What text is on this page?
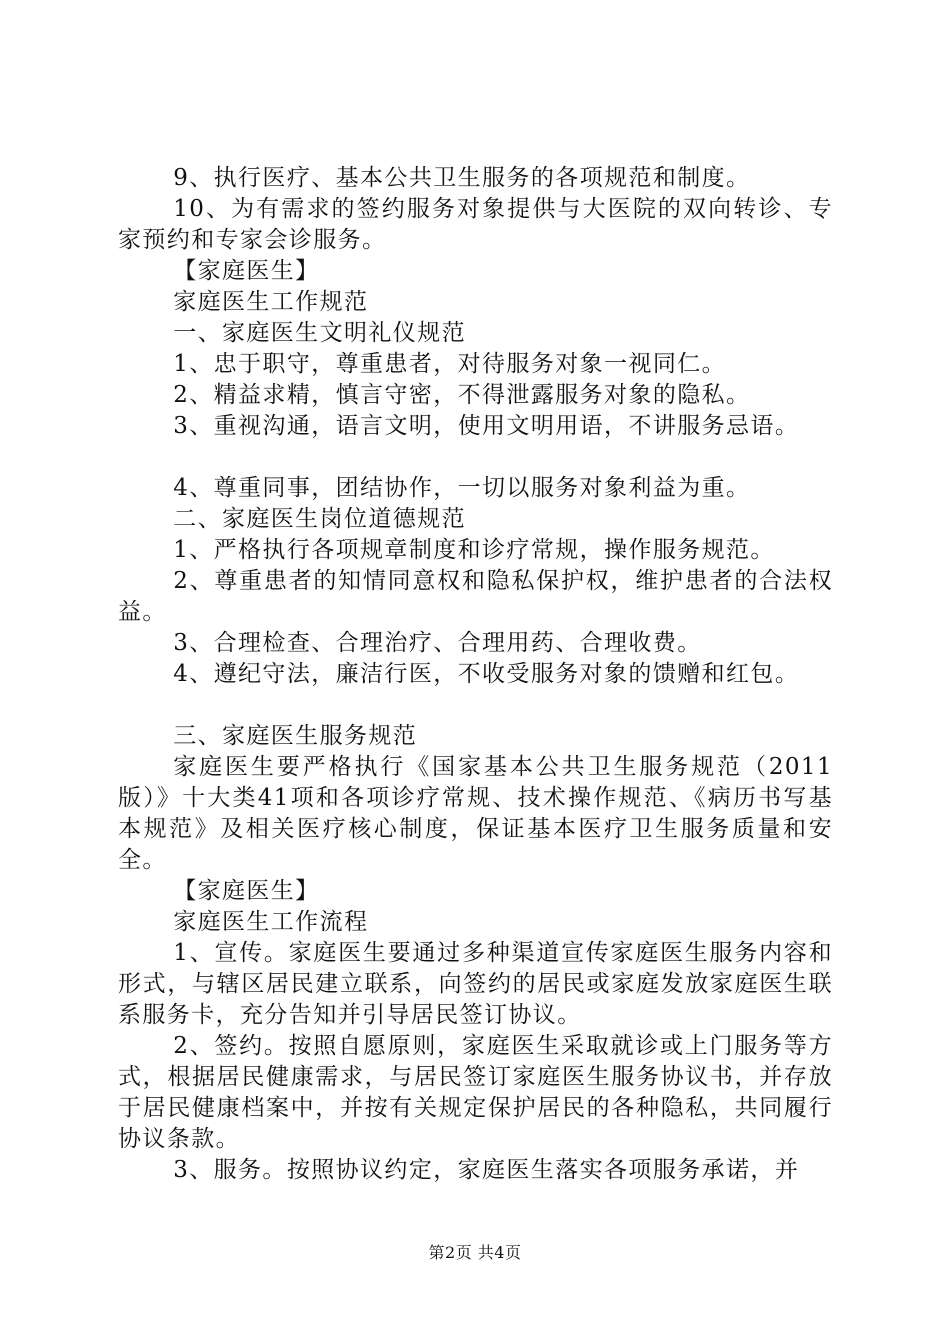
9、执行医疗、基本公共卫生服务的各项规范和制度。

10、为有需求的签约服务对象提供与大医院的双向转诊、专家预约和专家会诊服务。

【家庭医生】

家庭医生工作规范

一、家庭医生文明礼仪规范

1、忠于职守，尊重患者，对待服务对象一视同仁。

2、精益求精，慎言守密，不得泄露服务对象的隐私。

3、重视沟通，语言文明，使用文明用语，不讲服务忌语。

4、尊重同事，团结协作，一切以服务对象利益为重。

二、家庭医生岗位道德规范

1、严格执行各项规章制度和诊疗常规，操作服务规范。

2、尊重患者的知情同意权和隐私保护权，维护患者的合法权益。

3、合理检查、合理治疗、合理用药、合理收费。

4、遵纪守法，廉洁行医，不收受服务对象的馈赠和红包。

三、家庭医生服务规范

家庭医生要严格执行《国家基本公共卫生服务规范（2011版）》十大类41项和各项诊疗常规、技术操作规范、《病历书写基本规范》及相关医疗核心制度，保证基本医疗卫生服务质量和安全。

【家庭医生】

家庭医生工作流程

1、宣传。家庭医生要通过多种渠道宣传家庭医生服务内容和形式，与辖区居民建立联系，向签约的居民或家庭发放家庭医生联系服务卡，充分告知并引导居民签订协议。

2、签约。按照自愿原则，家庭医生采取就诊或上门服务等方式，根据居民健康需求，与居民签订家庭医生服务协议书，并存放于居民健康档案中，并按有关规定保护居民的各种隐私，共同履行协议条款。

3、服务。按照协议约定，家庭医生落实各项服务承诺，并

第2页 共4页
